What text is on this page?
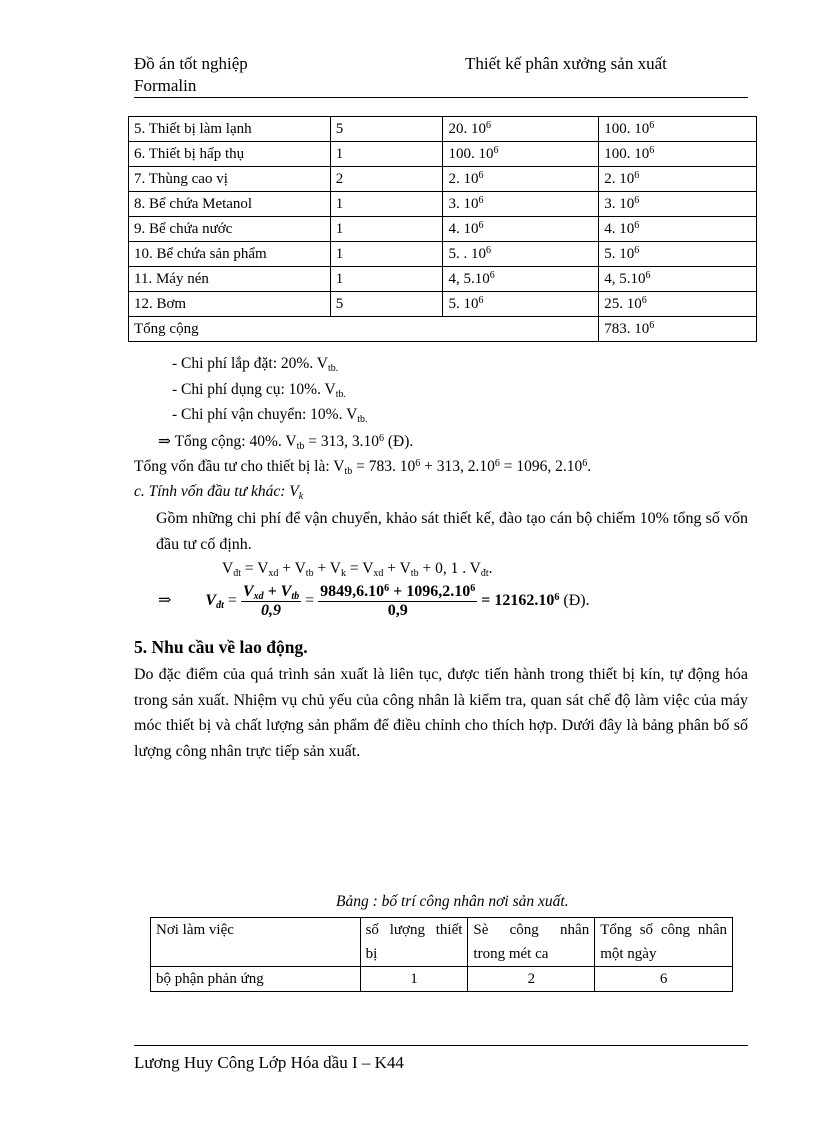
Đồ án tốt nghiệp
Formalin
Thiết kế phân xưởng sản xuất
5. Thiết bị làm lạnh	5	20. $10^6$	100. $10^6$
6. Thiết bị hấp thụ	1	100. $10^6$	100. $10^6$
7. Thùng cao vị	2	2. $10^6$	2. $10^6$
8. Bể chứa Metanol	1	3. $10^6$	3. $10^6$
9. Bể chứa nước	1	4. $10^6$	4. $10^6$
10. Bể chứa sản phẩm	1	5. . $10^6$	5. $10^6$
11. Máy nén	1	4, 5.10$^6$	4, 5.10$^6$
12. Bơm	5	5. $10^6$	25. $10^6$
Tổng cộng			783. $10^6$
- Chi phí lắp đặt: 20%. $V_{tb.}$
- Chi phí dụng cụ: 10%. $V_{tb.}$
- Chi phí vận chuyển: 10%. $V_{tb.}$
⇒ Tổng cộng: 40%. $V_{tb} = 313$, 3.10$^6$ (Đ).
Tổng vốn đầu tư cho thiết bị là: $V_{tb} = 783$. $10^6 + 313$, $2.10^6 = 1096$, 2.10$^6$.
c. Tính vốn đầu tư khác: $V_k$
Gồm những chi phí để vận chuyển, khảo sát thiết kế, đào tạo cán bộ chiếm 10% tổng số vốn đầu tư cố định.
$V_{đt} = V_{xd} + V_{tb} + V_k = V_{xd} + V_{tb} + 0$, 1 . $V_{đt}$.
⇒ $V_{đt} = \frac{V_{xd} + V_{tb}}{0,9} = \frac{9849,6.10^6 + 1096,2.10^6}{0,9} = 12162.10^6$ (Đ).
5. Nhu cầu về lao động.
Do đặc điểm của quá trình sản xuất là liên tục, được tiến hành trong thiết bị kín, tự động hóa trong sản xuất. Nhiệm vụ chủ yếu của công nhân là kiểm tra, quan sát chế độ làm việc của máy móc thiết bị và chất lượng sản phẩm để điều chỉnh cho thích hợp. Dưới đây là bảng phân bố số lượng công nhân trực tiếp sản xuất.
Bảng : bố trí công nhân nơi sản xuất.
Nơi làm việc	số lượng thiết bị	Sè công nhân trong mét ca	Tổng số công nhân một ngày
bộ phận phản ứng	1	2	6
Lương Huy Công Lớp Hóa dầu I – K44
